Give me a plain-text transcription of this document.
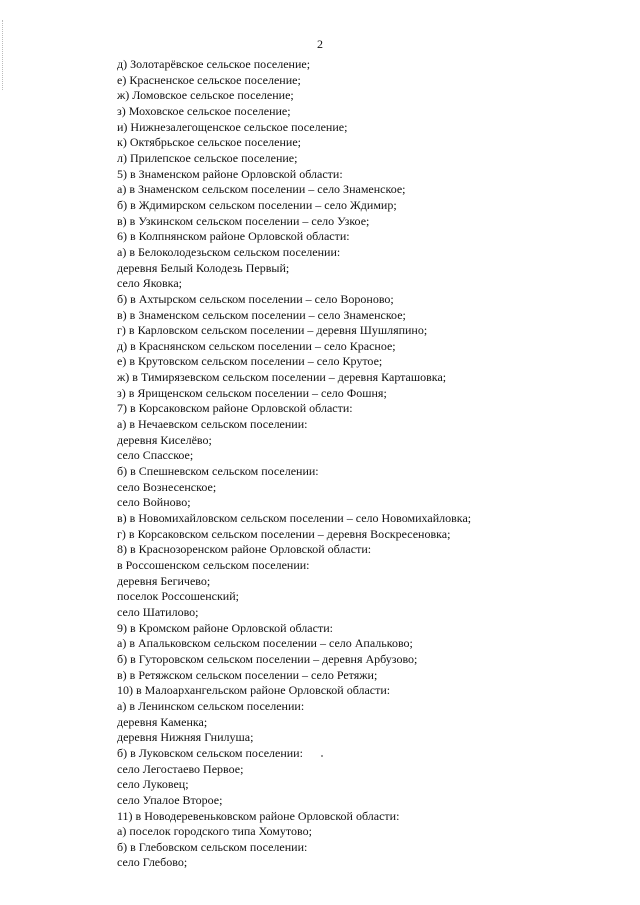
2
д) Золотарёвское сельское поселение;
е) Красненское сельское поселение;
ж) Ломовское сельское поселение;
з) Моховское сельское поселение;
и) Нижнезалегощенское сельское поселение;
к) Октябрьское сельское поселение;
л) Прилепское сельское поселение;
5) в Знаменском районе Орловской области:
а) в Знаменском сельском поселении – село Знаменское;
б) в Ждимирском сельском поселении – село Ждимир;
в) в Узкинском сельском поселении – село Узкое;
6) в Колпнянском районе Орловской области:
а) в Белоколодезьском сельском поселении:
деревня Белый Колодезь Первый;
село Яковка;
б) в Ахтырском сельском поселении – село Вороново;
в) в Знаменском сельском поселении – село Знаменское;
г) в Карловском сельском поселении – деревня Шушляпино;
д) в Краснянском сельском поселении – село Красное;
е) в Крутовском сельском поселении – село Крутое;
ж) в Тимирязевском сельском поселении – деревня Карташовка;
з) в Ярищенском сельском поселении – село Фошня;
7) в Корсаковском районе Орловской области:
а) в Нечаевском сельском поселении:
деревня Киселёво;
село Спасское;
б) в Спешневском сельском поселении:
село Вознесенское;
село Войново;
в) в Новомихайловском сельском поселении – село Новомихайловка;
г) в Корсаковском сельском поселении – деревня Воскресеновка;
8) в Краснозоренском районе Орловской области:
в Россошенском сельском поселении:
деревня Бегичево;
поселок Россошенский;
село Шатилово;
9) в Кромском районе Орловской области:
а) в Апальковском сельском поселении – село Апальково;
б) в Гуторовском сельском поселении – деревня Арбузово;
в) в Ретяжском сельском поселении – село Ретяжи;
10) в Малоархангельском районе Орловской области:
а) в Ленинском сельском поселении:
деревня Каменка;
деревня Нижняя Гнилуша;
б) в Луковском сельском поселении:
село Легостаево Первое;
село Луковец;
село Упалое Второе;
11) в Новодеревеньковском районе Орловской области:
а) поселок городского типа Хомутово;
б) в Глебовском сельском поселении:
село Глебово;
